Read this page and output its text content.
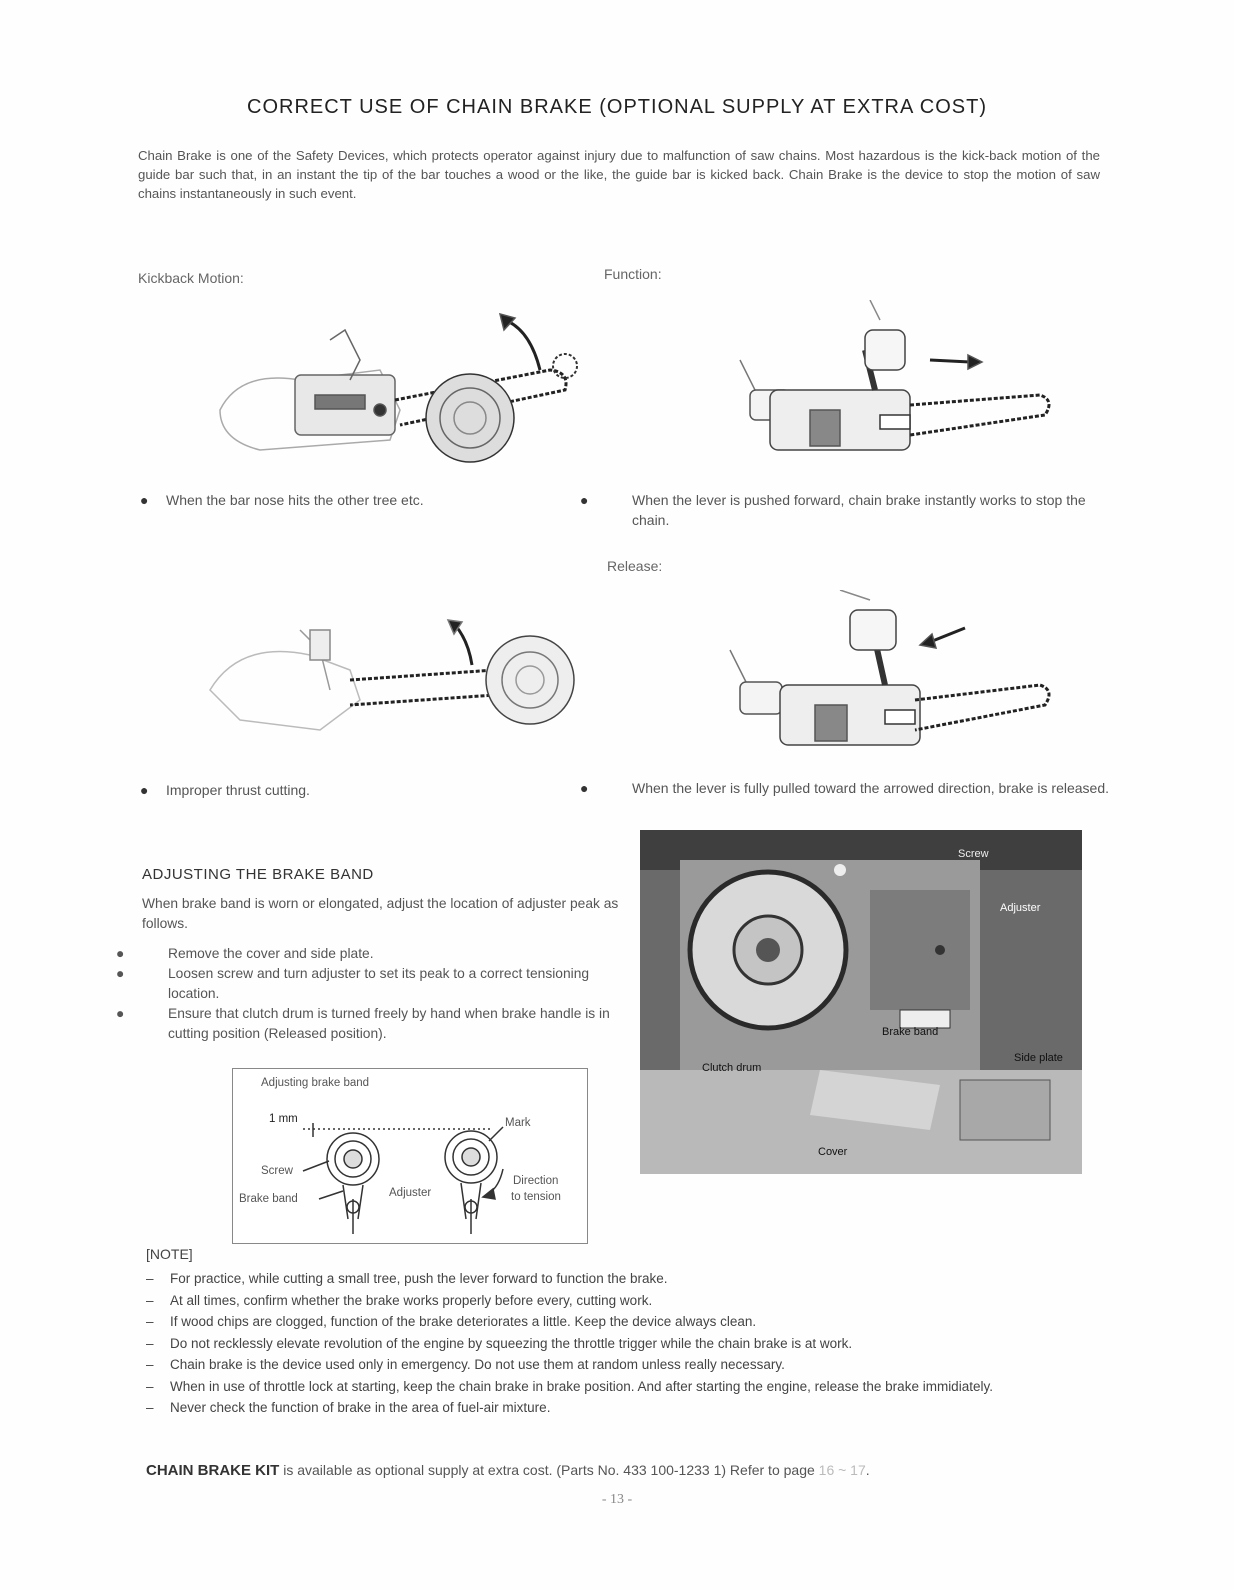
CORRECT USE OF CHAIN BRAKE (OPTIONAL SUPPLY AT EXTRA COST)
Chain Brake is one of the Safety Devices, which protects operator against injury due to malfunction of saw chains. Most hazardous is the kick-back motion of the guide bar such that, in an instant the tip of the bar touches a wood or the like, the guide bar is kicked back. Chain Brake is the device to stop the motion of saw chains instantaneously in such event.
Kickback Motion:	Function:
● When the bar nose hits the other tree etc.	●	When the lever is pushed forward, chain brake instantly works to stop the chain.
Release:
● Improper thrust cutting.	●	When the lever is fully pulled toward the arrowed direction, brake is released.
ADJUSTING THE BRAKE BAND
When brake band is worn or elongated, adjust the location of adjuster peak as follows.
●	Remove the cover and side plate.
●	Loosen screw and turn adjuster to set its peak to a correct tensioning location.
●	Ensure that clutch drum is turned freely by hand when brake handle is in cutting position (Released position).
Screw
Adjuster
Brake band
Clutch drum
Side plate
Cover
Adjusting brake band
1 mm	Mark
Screw
Brake band	Adjuster
Direction
to tension
[NOTE]
– For practice, while cutting a small tree, push the lever forward to function the brake.
– At all times, confirm whether the brake works properly before every, cutting work.
– If wood chips are clogged, function of the brake deteriorates a little. Keep the device always clean.
– Do not recklessly elevate revolution of the engine by squeezing the throttle trigger while the chain brake is at work.
– Chain brake is the device used only in emergency. Do not use them at random unless really necessary.
– When in use of throttle lock at starting, keep the chain brake in brake position. And after starting the engine, release the brake immidiately.
– Never check the function of brake in the area of fuel-air mixture.
CHAIN BRAKE KIT is available as optional supply at extra cost. (Parts No. 433 100-1233 1) Refer to page 16 ~ 17.
- 13 -
